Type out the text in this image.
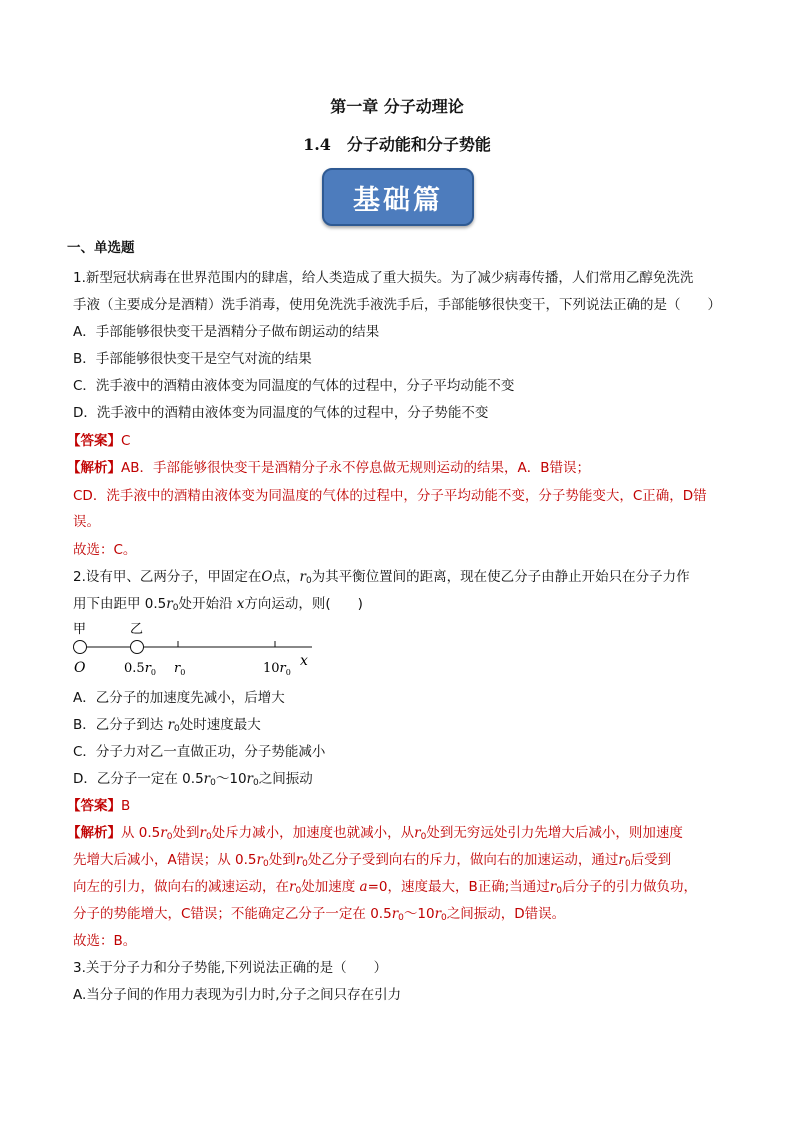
第一章 分子动理论
1.4　分子动能和分子势能
基础篇
一、单选题
1.新型冠状病毒在世界范围内的肆虐，给人类造成了重大损失。为了减少病毒传播，人们常用乙醇免洗洗
手液（主要成分是酒精）洗手消毒，使用免洗洗手液洗手后，手部能够很快变干，下列说法正确的是（　　）
A．手部能够很快变干是酒精分子做布朗运动的结果
B．手部能够很快变干是空气对流的结果
C．洗手液中的酒精由液体变为同温度的气体的过程中，分子平均动能不变
D．洗手液中的酒精由液体变为同温度的气体的过程中，分子势能不变
【答案】C
【解析】AB．手部能够很快变干是酒精分子永不停息做无规则运动的结果，A．B错误；
CD．洗手液中的酒精由液体变为同温度的气体的过程中，分子平均动能不变，分子势能变大，C正确，D错
误。
故选：C。
2.设有甲、乙两分子，甲固定在O点，$r_0$为其平衡位置间的距离，现在使乙分子由静止开始只在分子力作
用下由距甲 $0.5r_0$处开始沿 x方向运动，则(　　)
甲	乙
O	$0.5r_0$ $r_0$	$10r_0$
x
A．乙分子的加速度先减小，后增大
B．乙分子到达 $r_0$处时速度最大
C．分子力对乙一直做正功，分子势能减小
D．乙分子一定在 $0.5r_0\sim 10r_0$之间振动
【答案】B
【解析】从 $0.5r_0$处到$r_0$处斥力减小，加速度也就减小，从$r_0$处到无穷远处引力先增大后减小，则加速度
先增大后减小，A错误；从 $0.5r_0$处到$r_0$处乙分子受到向右的斥力，做向右的加速运动，通过$r_0$后受到
向左的引力，做向右的减速运动，在$r_0$处加速度 a=0，速度最大，B正确;当通过$r_0$后分子的引力做负功，
分子的势能增大，C错误；不能确定乙分子一定在 $0.5r_0\sim 10r_0$之间振动，D错误。
故选：B。
3.关于分子力和分子势能,下列说法正确的是（　　）
A.当分子间的作用力表现为引力时,分子之间只存在引力
